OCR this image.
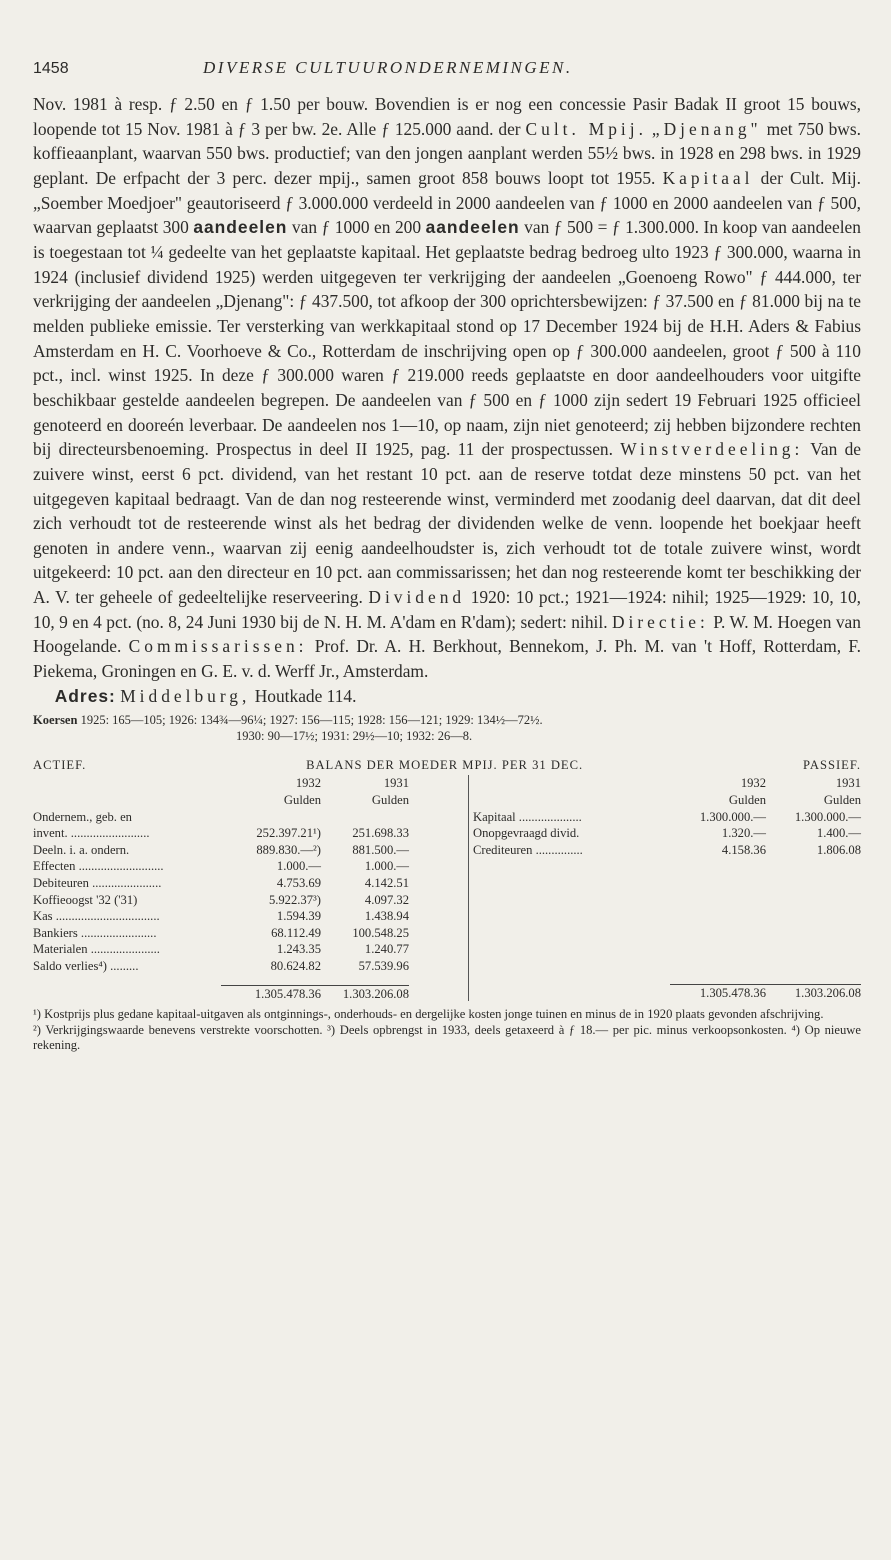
1458	DIVERSE CULTUURONDERNEMINGEN.

Nov. 1981 à resp. ƒ 2.50 en ƒ 1.50 per bouw. Bovendien is er nog een concessie Pasir Badak II groot 15 bouws, loopende tot 15 Nov. 1981 à ƒ 3 per bw. 2e. Alle ƒ 125.000 aand. der Cult. Mpij. „Djenang" met 750 bws. koffieaanplant, waarvan 550 bws. productief; van den jongen aanplant werden 55½ bws. in 1928 en 298 bws. in 1929 geplant. De erfpacht der 3 perc. dezer mpij., samen groot 858 bouws loopt tot 1955. Kapitaal der Cult. Mij. „Soember Moedjoer" geautoriseerd ƒ 3.000.000 verdeeld in 2000 aandeelen van ƒ 1000 en 2000 aandeelen van ƒ 500, waarvan geplaatst 300 aandeelen van ƒ 1000 en 200 aandeelen van ƒ 500 = ƒ 1.300.000. In koop van aandeelen is toegestaan tot ¼ gedeelte van het geplaatste kapitaal. Het geplaatste bedrag bedroeg ulto 1923 ƒ 300.000, waarna in 1924 (inclusief dividend 1925) werden uitgegeven ter verkrijging der aandeelen „Goenoeng Rowo" ƒ 444.000, ter verkrijging der aandeelen „Djenang": ƒ 437.500, tot afkoop der 300 oprichtersbewijzen: ƒ 37.500 en ƒ 81.000 bij na te melden publieke emissie. Ter versterking van werkkapitaal stond op 17 December 1924 bij de H.H. Aders & Fabius Amsterdam en H. C. Voorhoeve & Co., Rotterdam de inschrijving open op ƒ 300.000 aandeelen, groot ƒ 500 à 110 pct., incl. winst 1925. In deze ƒ 300.000 waren ƒ 219.000 reeds geplaatste en door aandeelhouders voor uitgifte beschikbaar gestelde aandeelen begrepen. De aandeelen van ƒ 500 en ƒ 1000 zijn sedert 19 Februari 1925 officieel genoteerd en dooreén leverbaar. De aandeelen nos 1—10, op naam, zijn niet genoteerd; zij hebben bijzondere rechten bij directeursbenoeming. Prospectus in deel II 1925, pag. 11 der prospectussen. Winstverdeeling: Van de zuivere winst, eerst 6 pct. dividend, van het restant 10 pct. aan de reserve totdat deze minstens 50 pct. van het uitgegeven kapitaal bedraagt. Van de dan nog resteerende winst, verminderd met zoodanig deel daarvan, dat dit deel zich verhoudt tot de resteerende winst als het bedrag der dividenden welke de venn. loopende het boekjaar heeft genoten in andere venn., waarvan zij eenig aandeelhoudster is, zich verhoudt tot de totale zuivere winst, wordt uitgekeerd: 10 pct. aan den directeur en 10 pct. aan commissarissen; het dan nog resteerende komt ter beschikking der A. V. ter geheele of gedeeltelijke reserveering. Dividend 1920: 10 pct.; 1921—1924: nihil; 1925—1929: 10, 10, 10, 9 en 4 pct. (no. 8, 24 Juni 1930 bij de N. H. M. A'dam en R'dam); sedert: nihil. Directie: P. W. M. Hoegen van Hoogelande. Commissarissen: Prof. Dr. A. H. Berkhout, Bennekom, J. Ph. M. van 't Hoff, Rotterdam, F. Piekema, Groningen en G. E. v. d. Werff Jr., Amsterdam.

Adres: Middelburg, Houtkade 114.

Koersen 1925: 165—105; 1926: 134¾—96¼; 1927: 156—115; 1928: 156—121; 1929: 134½—72½.
1930: 90—17½; 1931: 29½—10; 1932: 26—8.
ACTIEF.	BALANS DER MOEDER MPIJ. PER 31 DEC.	PASSIEF.
1932	1931
Gulden	Gulden
Ondernem., geb. en
invent. .........................	252.397.21¹)	251.698.33
Deeln. i. a. ondern.	889.830.—²)	881.500.—
Effecten ...........................	1.000.—	1.000.—
Debiteuren ......................	4.753.69	4.142.51
Koffieoogst '32 ('31)	5.922.37³)	4.097.32
Kas .................................	1.594.39	1.438.94
Bankiers ........................	68.112.49	100.548.25
Materialen ......................	1.243.35	1.240.77
Saldo verlies⁴) .........	80.624.82	57.539.96
1.305.478.36	1.303.206.08
1932	1931
Gulden	Gulden
Kapitaal ....................	1.300.000.—	1.300.000.—
Onopgevraagd divid.	1.320.—	1.400.—
Crediteuren ...............	4.158.36	1.806.08
1.305.478.36	1.303.206.08

¹) Kostprijs plus gedane kapitaal-uitgaven als ontginnings-, onderhouds- en dergelijke kosten jonge tuinen en minus de in 1920 plaats gevonden afschrijving.

²) Verkrijgingswaarde benevens verstrekte voorschotten. ³) Deels opbrengst in 1933, deels getaxeerd à ƒ 18.— per pic. minus verkoopsonkosten. ⁴) Op nieuwe rekening.
